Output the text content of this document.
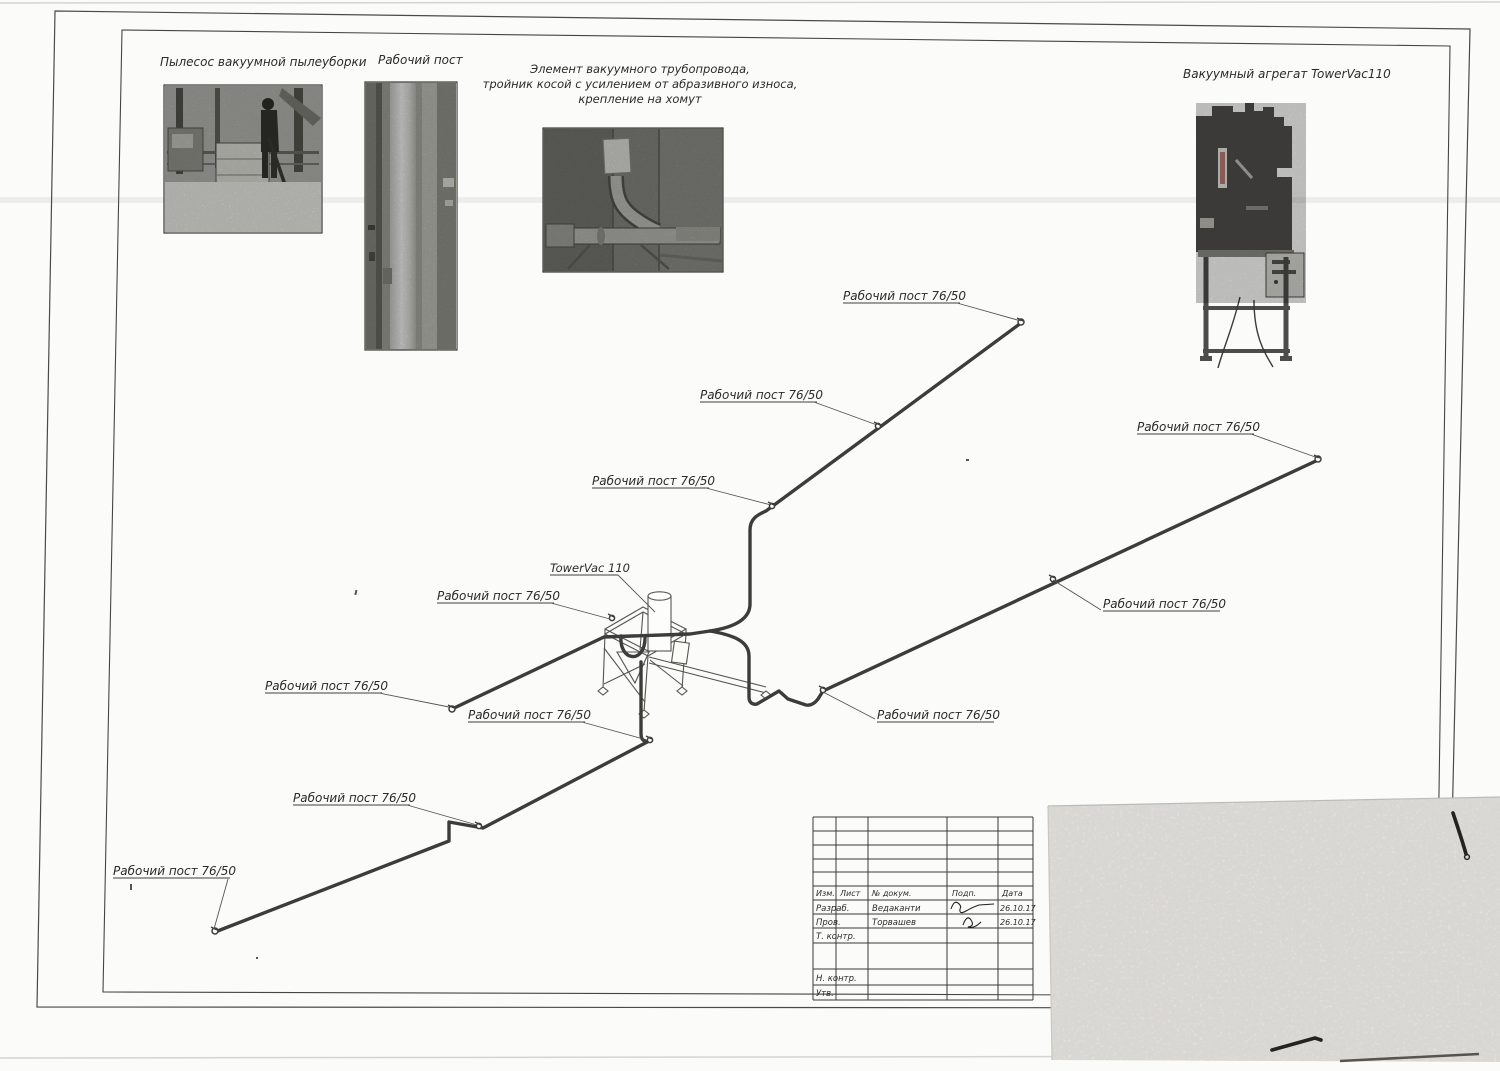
Рабочий пост 76/50
Рабочий пост 76/50
Рабочий пост 76/50
Рабочий пост 76/50
Рабочий пост 76/50
Рабочий пост 76/50
Рабочий пост 76/50
Рабочий пост 76/50
Рабочий пост 76/50
Рабочий пост 76/50
Рабочий пост 76/50
TowerVac 110
Пылесос вакуумной пылеуборки Рабочий пост
Элемент вакуумного трубопровода,
тройник косой с усилением от абразивного износа,
крепление на хомут
Вакуумный агрегат TowerVac110
Изм. Лист № докум.	Подп.	Дата
Разраб.	Ведаканти	26.10.17
Пров.	Торвашев	26.10.17
Т. контр.
Н. контр.
Утв.
